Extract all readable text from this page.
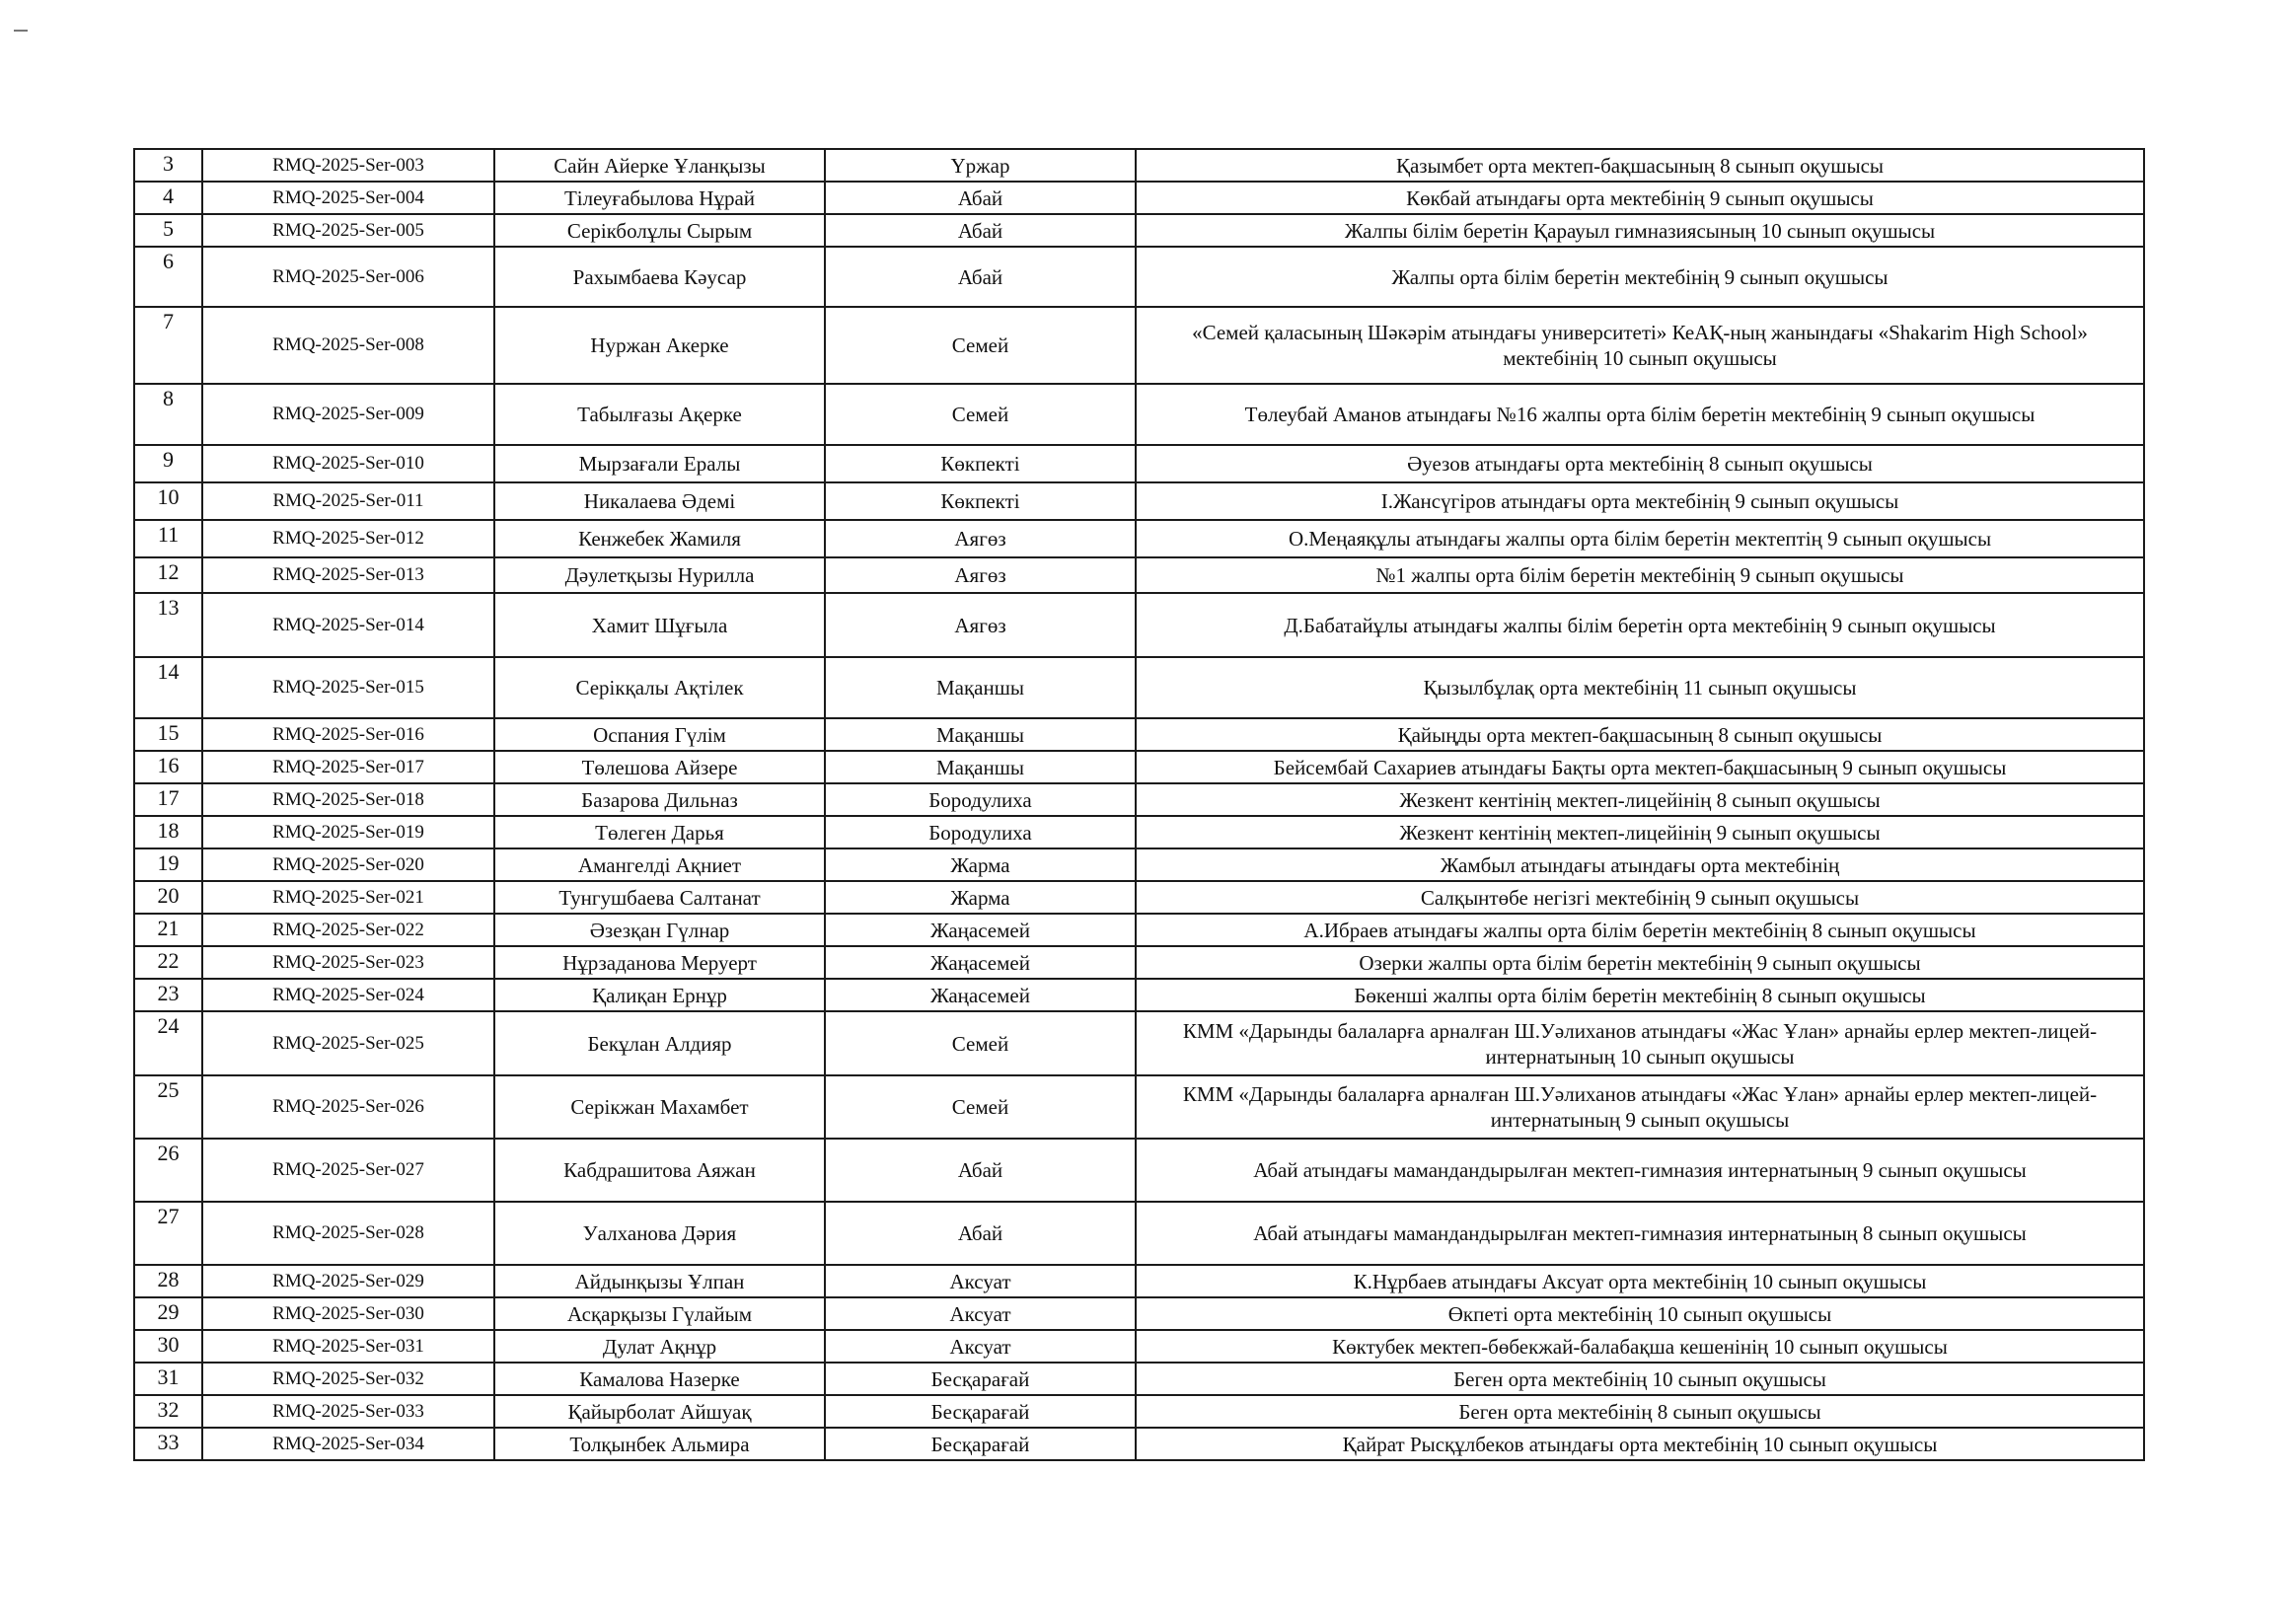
3	RMQ-2025-Ser-003	Сайн Айерке Ұланқызы	Үржар	Қазымбет орта мектеп-бақшасының 8 сынып оқушысы
4	RMQ-2025-Ser-004	Тілеуғабылова Нұрай	Абай	Көкбай атындағы орта мектебінің 9 сынып оқушысы
5	RMQ-2025-Ser-005	Серікболұлы Сырым	Абай	Жалпы білім беретін Қарауыл гимназиясының 10 сынып оқушысы
6	RMQ-2025-Ser-006	Рахымбаева Кәусар	Абай	Жалпы орта білім беретін мектебінің 9 сынып оқушысы
7	RMQ-2025-Ser-008	Нуржан Акерке	Семей	«Семей қаласының Шәкәрім атындағы университеті» КеАҚ-ның жанындағы «Shakarim High School» мектебінің 10 сынып оқушысы
8	RMQ-2025-Ser-009	Табылғазы Ақерке	Семей	Төлеубай Аманов атындағы №16 жалпы орта білім беретін мектебінің 9 сынып оқушысы
9	RMQ-2025-Ser-010	Мырзағали Ералы	Көкпекті	Әуезов атындағы орта мектебінің 8 сынып оқушысы
10	RMQ-2025-Ser-011	Никалаева Әдемі	Көкпекті	І.Жансүгіров атындағы орта мектебінің 9 сынып оқушысы
11	RMQ-2025-Ser-012	Кенжебек Жамиля	Аягөз	О.Меңаяқұлы атындағы жалпы орта білім беретін мектептің 9 сынып оқушысы
12	RMQ-2025-Ser-013	Дәулетқызы Нурилла	Аягөз	№1 жалпы орта білім беретін мектебінің 9 сынып оқушысы
13	RMQ-2025-Ser-014	Хамит Шұғыла	Аягөз	Д.Бабатайұлы атындағы жалпы білім беретін орта мектебінің 9 сынып оқушысы
14	RMQ-2025-Ser-015	Серікқалы Ақтілек	Мақаншы	Қызылбұлақ орта мектебінің 11 сынып оқушысы
15	RMQ-2025-Ser-016	Оспания Гүлім	Мақаншы	Қайыңды орта мектеп-бақшасының 8 сынып оқушысы
16	RMQ-2025-Ser-017	Төлешова Айзере	Мақаншы	Бейсембай Сахариев атындағы Бақты орта мектеп-бақшасының 9 сынып оқушысы
17	RMQ-2025-Ser-018	Базарова Дильназ	Бородулиха	Жезкент кентінің мектеп-лицейінің 8 сынып оқушысы
18	RMQ-2025-Ser-019	Төлеген Дарья	Бородулиха	Жезкент кентінің мектеп-лицейінің 9 сынып оқушысы
19	RMQ-2025-Ser-020	Амангелді Ақниет	Жарма	Жамбыл атындағы атындағы орта мектебінің
20	RMQ-2025-Ser-021	Тунгушбаева Салтанат	Жарма	Салқынтөбе негізгі мектебінің 9 сынып оқушысы
21	RMQ-2025-Ser-022	Әзезқан Гүлнар	Жаңасемей	А.Ибраев атындағы жалпы орта білім беретін мектебінің 8 сынып оқушысы
22	RMQ-2025-Ser-023	Нұрзаданова Меруерт	Жаңасемей	Озерки жалпы орта білім беретін мектебінің 9 сынып оқушысы
23	RMQ-2025-Ser-024	Қалиқан Ернұр	Жаңасемей	Бөкенші жалпы орта білім беретін мектебінің 8 сынып оқушысы
24	RMQ-2025-Ser-025	Бекұлан Алдияр	Семей	КММ «Дарынды балаларға арналған Ш.Уәлиханов атындағы «Жас Ұлан» арнайы ерлер мектеп-лицей-интернатының 10 сынып оқушысы
25	RMQ-2025-Ser-026	Серікжан Махамбет	Семей	КММ «Дарынды балаларға арналған Ш.Уәлиханов атындағы «Жас Ұлан» арнайы ерлер мектеп-лицей-интернатының 9 сынып оқушысы
26	RMQ-2025-Ser-027	Кабдрашитова Аяжан	Абай	Абай атындағы мамандандырылған мектеп-гимназия интернатының 9 сынып оқушысы
27	RMQ-2025-Ser-028	Уалханова Дәрия	Абай	Абай атындағы мамандандырылған мектеп-гимназия интернатының 8 сынып оқушысы
28	RMQ-2025-Ser-029	Айдынқызы Ұлпан	Аксуат	К.Нұрбаев атындағы Аксуат орта мектебінің 10 сынып оқушысы
29	RMQ-2025-Ser-030	Асқарқызы Гүлайым	Аксуат	Өкпеті орта мектебінің 10 сынып оқушысы
30	RMQ-2025-Ser-031	Дулат Ақнұр	Аксуат	Көктубек мектеп-бөбекжай-балабақша кешенінің 10 сынып оқушысы
31	RMQ-2025-Ser-032	Камалова Назерке	Бесқарағай	Беген орта мектебінің 10 сынып оқушысы
32	RMQ-2025-Ser-033	Қайырболат Айшуақ	Бесқарағай	Беген орта мектебінің 8 сынып оқушысы
33	RMQ-2025-Ser-034	Толқынбек Альмира	Бесқарағай	Қайрат Рысқұлбеков атындағы орта мектебінің 10 сынып оқушысы
